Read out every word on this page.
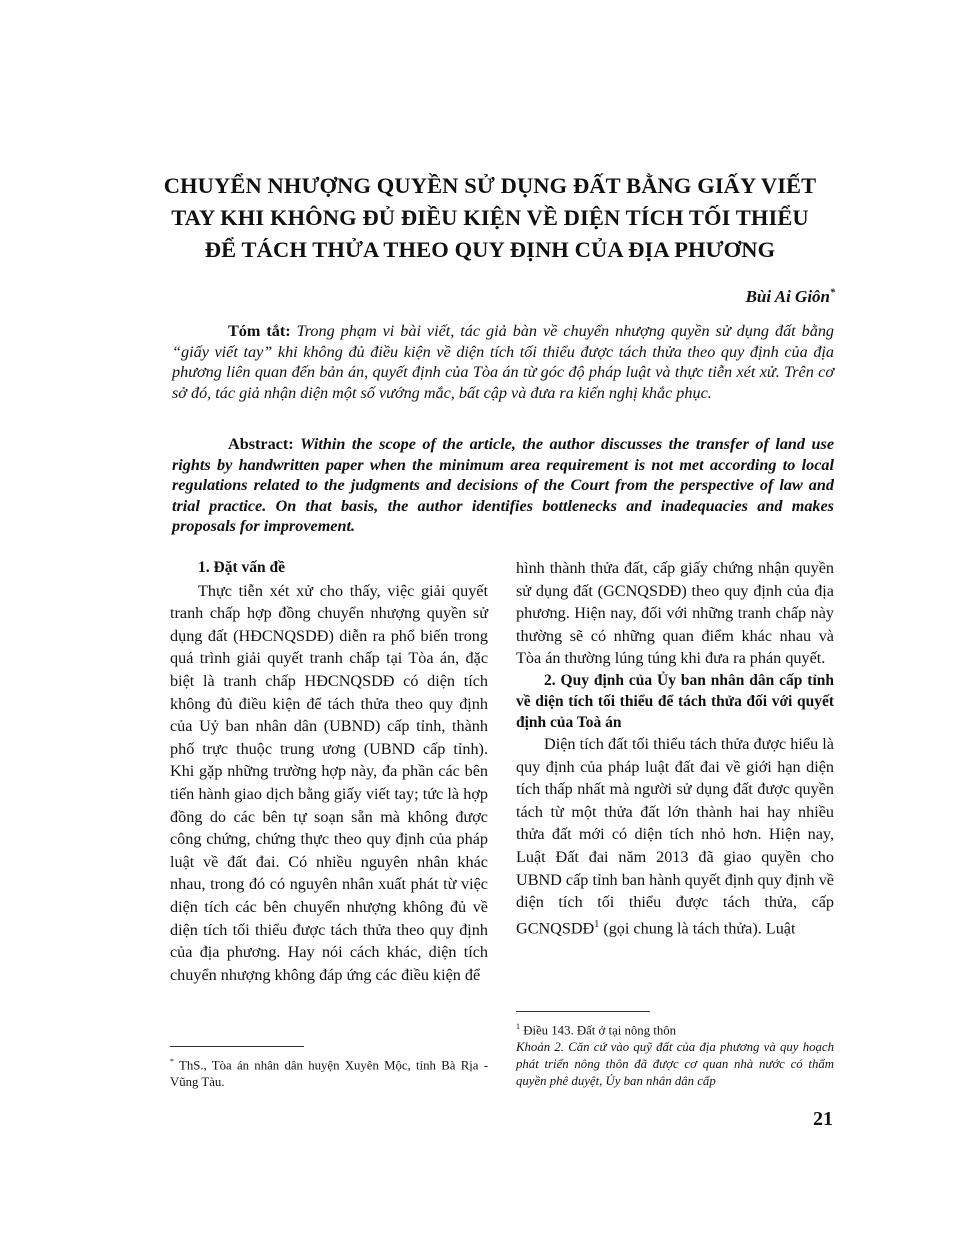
CHUYỂN NHƯỢNG QUYỀN SỬ DỤNG ĐẤT BẰNG GIẤY VIẾT
TAY KHI KHÔNG ĐỦ ĐIỀU KIỆN VỀ DIỆN TÍCH TỐI THIỂU
ĐỂ TÁCH THỬA THEO QUY ĐỊNH CỦA ĐỊA PHƯƠNG
Bùi Ai Giôn*
Tóm tắt: Trong phạm vi bài viết, tác giả bàn về chuyển nhượng quyền sử dụng đất bằng “giấy viết tay” khi không đủ điều kiện về diện tích tối thiểu được tách thửa theo quy định của địa phương liên quan đến bản án, quyết định của Tòa án từ góc độ pháp luật và thực tiễn xét xử. Trên cơ sở đó, tác giả nhận diện một số vướng mắc, bất cập và đưa ra kiến nghị khắc phục.
Abstract: Within the scope of the article, the author discusses the transfer of land use rights by handwritten paper when the minimum area requirement is not met according to local regulations related to the judgments and decisions of the Court from the perspective of law and trial practice. On that basis, the author identifies bottlenecks and inadequacies and makes proposals for improvement.

1. Đặt vấn đề

Thực tiễn xét xử cho thấy, việc giải quyết tranh chấp hợp đồng chuyển nhượng quyền sử dụng đất (HĐCNQSDĐ) diễn ra phổ biến trong quá trình giải quyết tranh chấp tại Tòa án, đặc biệt là tranh chấp HĐCNQSDĐ có diện tích không đủ điều kiện để tách thửa theo quy định của Uỷ ban nhân dân (UBND) cấp tỉnh, thành phố trực thuộc trung ương (UBND cấp tỉnh). Khi gặp những trường hợp này, đa phần các bên tiến hành giao dịch bằng giấy viết tay; tức là hợp đồng do các bên tự soạn sẵn mà không được công chứng, chứng thực theo quy định của pháp luật về đất đai. Có nhiều nguyên nhân khác nhau, trong đó có nguyên nhân xuất phát từ việc diện tích các bên chuyển nhượng không đủ về diện tích tối thiểu được tách thửa theo quy định của địa phương. Hay nói cách khác, diện tích chuyển nhượng không đáp ứng các điều kiện để

hình thành thửa đất, cấp giấy chứng nhận quyền sử dụng đất (GCNQSDĐ) theo quy định của địa phương. Hiện nay, đối với những tranh chấp này thường sẽ có những quan điểm khác nhau và Tòa án thường lúng túng khi đưa ra phán quyết.

2. Quy định của Ủy ban nhân dân cấp tỉnh về diện tích tối thiểu để tách thửa đối với quyết định của Toà án

Diện tích đất tối thiểu tách thửa được hiểu là quy định của pháp luật đất đai về giới hạn diện tích thấp nhất mà người sử dụng đất được quyền tách từ một thửa đất lớn thành hai hay nhiều thửa đất mới có diện tích nhỏ hơn. Hiện nay, Luật Đất đai năm 2013 đã giao quyền cho UBND cấp tỉnh ban hành quyết định quy định về diện tích tối thiểu được tách thửa, cấp GCNQSDĐ$^1$ (gọi chung là tách thửa). Luật

* ThS., Tòa án nhân dân huyện Xuyên Mộc, tỉnh Bà Rịa - Vũng Tàu.
$^1$ Điều 143. Đất ở tại nông thôn
Khoản 2. Căn cứ vào quỹ đất của địa phương và quy hoạch phát triển nông thôn đã được cơ quan nhà nước có thẩm quyền phê duyệt, Ủy ban nhân dân cấp
21
